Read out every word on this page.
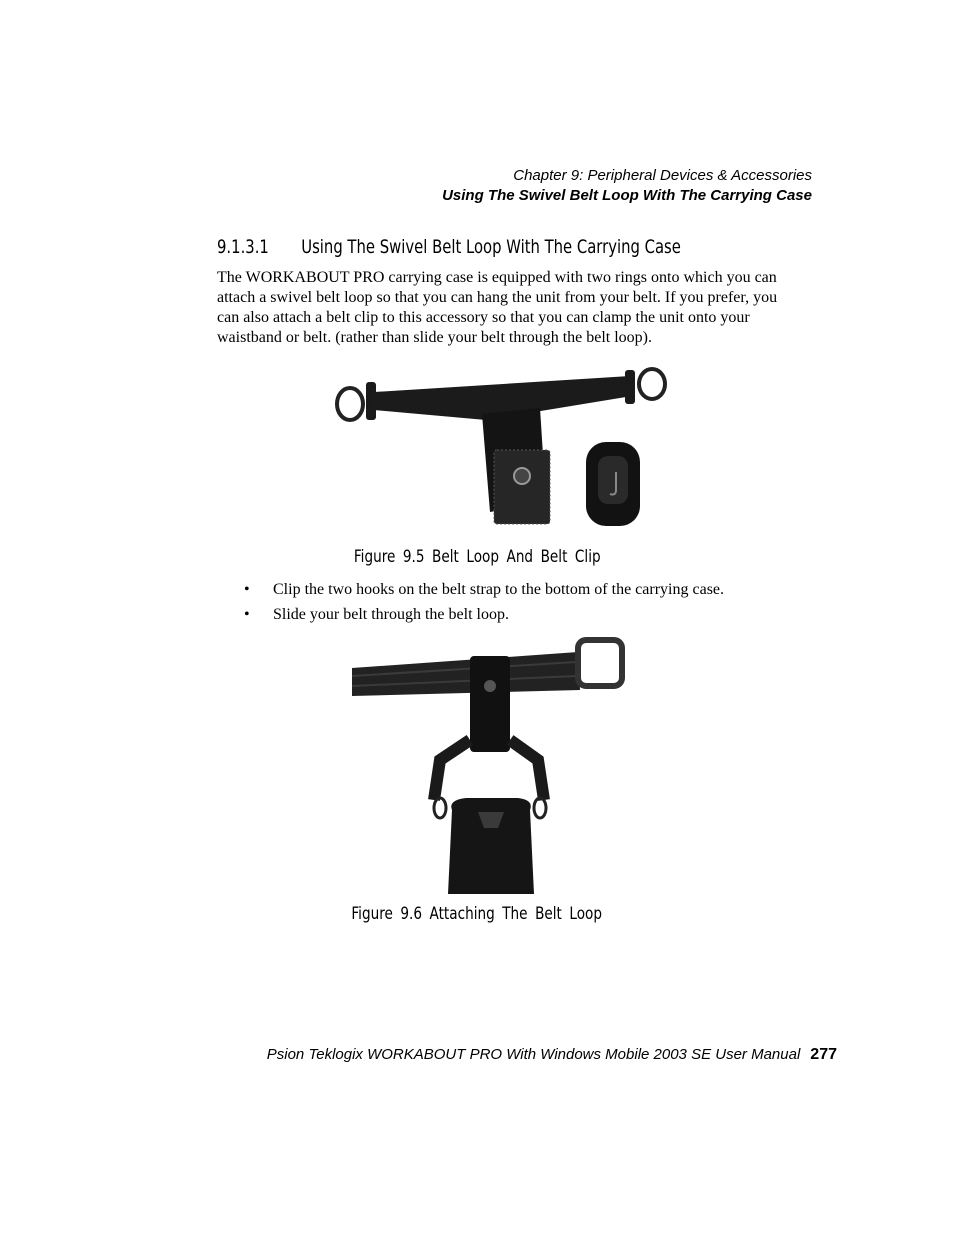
Chapter 9: Peripheral Devices & Accessories
Using The Swivel Belt Loop With The Carrying Case
9.1.3.1 Using The Swivel Belt Loop With The Carrying Case
The WORKABOUT PRO carrying case is equipped with two rings onto which you can attach a swivel belt loop so that you can hang the unit from your belt. If you prefer, you can also attach a belt clip to this accessory so that you can clamp the unit onto your waistband or belt. (rather than slide your belt through the belt loop).
Figure 9.5 Belt Loop And Belt Clip
• Clip the two hooks on the belt strap to the bottom of the carrying case.
• Slide your belt through the belt loop.
Figure 9.6 Attaching The Belt Loop
Psion Teklogix WORKABOUT PRO With Windows Mobile 2003 SE User Manual 277
